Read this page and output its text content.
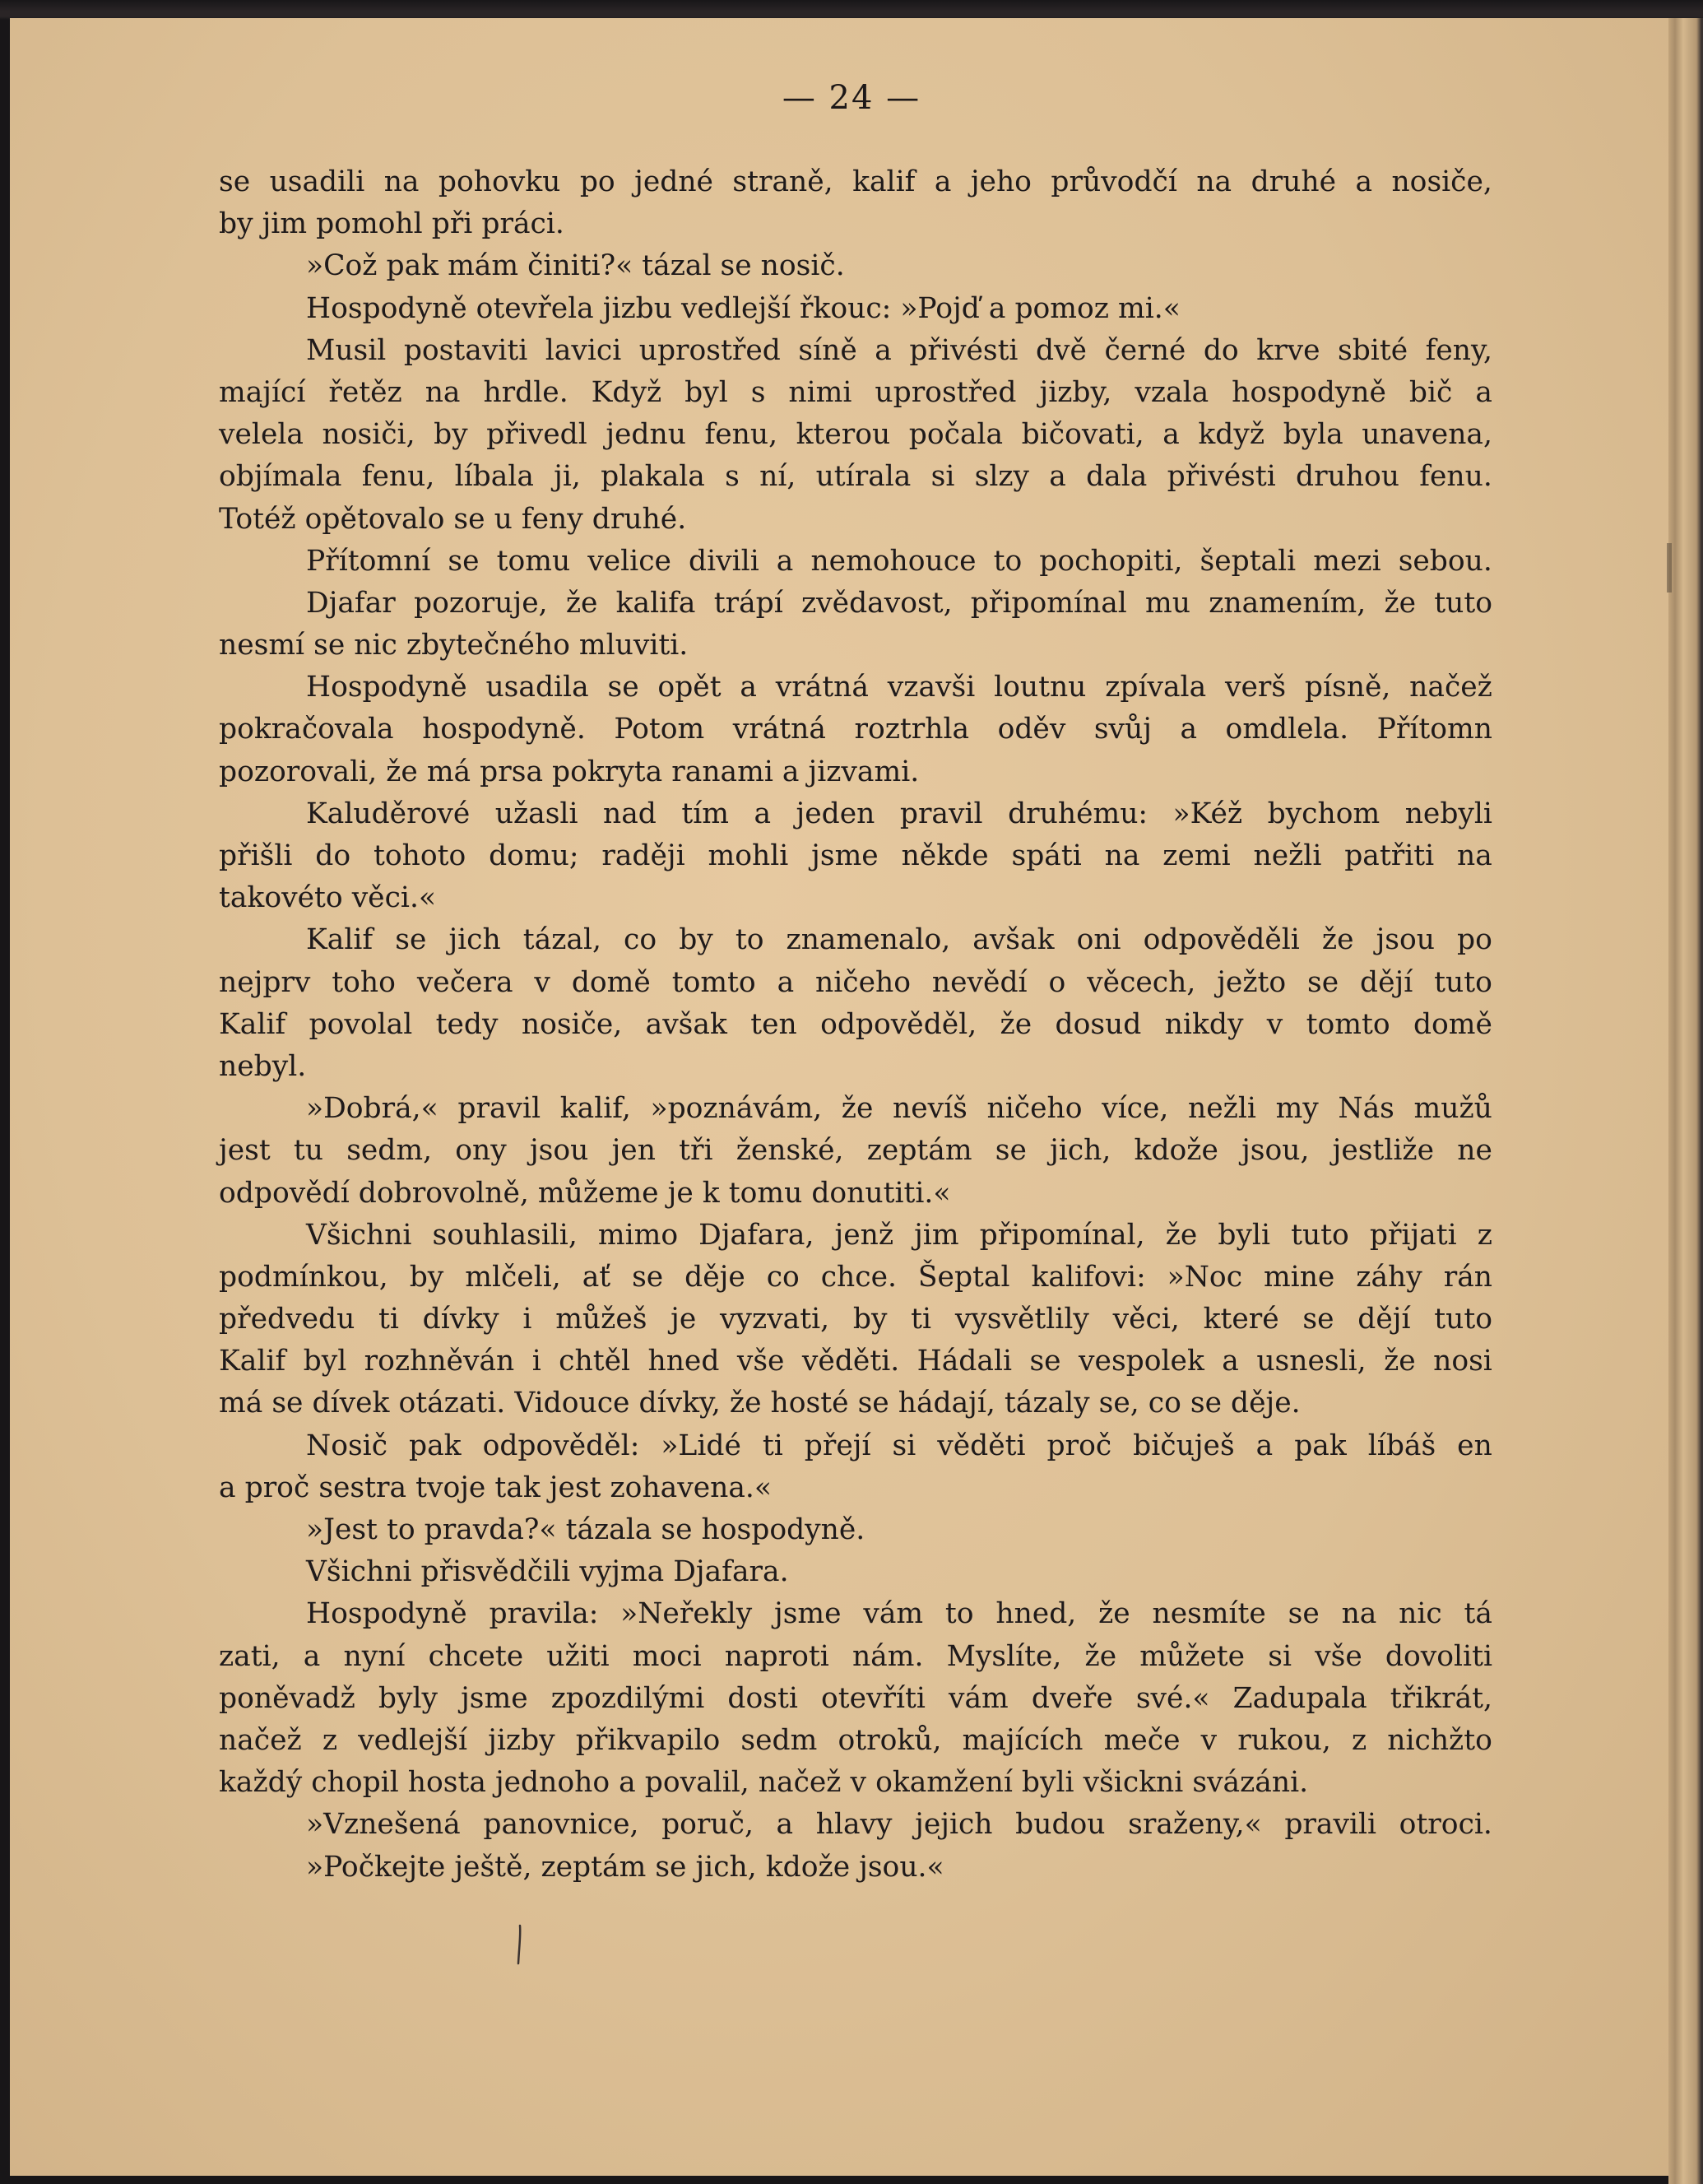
— 24 —
se usadili na pohovku po jedné straně, kalif a jeho průvodčí na druhé a nosiče,
by jim pomohl při práci.
»Což pak mám činiti?« tázal se nosič.
Hospodyně otevřela jizbu vedlejší řkouc: »Pojď a pomoz mi.«
Musil postaviti lavici uprostřed síně a přivésti dvě černé do krve sbité feny,
mající řetěz na hrdle. Když byl s nimi uprostřed jizby, vzala hospodyně bič a
velela nosiči, by přivedl jednu fenu, kterou počala bičovati, a když byla unavena,
objímala fenu, líbala ji, plakala s ní, utírala si slzy a dala přivésti druhou fenu.
Totéž opětovalo se u feny druhé.
Přítomní se tomu velice divili a nemohouce to pochopiti, šeptali mezi sebou.
Djafar pozoruje, že kalifa trápí zvědavost, připomínal mu znamením, že tuto
nesmí se nic zbytečného mluviti.
Hospodyně usadila se opět a vrátná vzavši loutnu zpívala verš písně, načež
pokračovala hospodyně. Potom vrátná roztrhla oděv svůj a omdlela. Přítomn
pozorovali, že má prsa pokryta ranami a jizvami.
Kaluděrové užasli nad tím a jeden pravil druhému: »Kéž bychom nebyli
přišli do tohoto domu; raději mohli jsme někde spáti na zemi nežli patřiti na
takovéto věci.«
Kalif se jich tázal, co by to znamenalo, avšak oni odpověděli že jsou po
nejprv toho večera v domě tomto a ničeho nevědí o věcech, ježto se dějí tuto
Kalif povolal tedy nosiče, avšak ten odpověděl, že dosud nikdy v tomto domě
nebyl.
»Dobrá,« pravil kalif, »poznávám, že nevíš ničeho více, nežli my Nás mužů
jest tu sedm, ony jsou jen tři ženské, zeptám se jich, kdože jsou, jestliže ne
odpovědí dobrovolně, můžeme je k tomu donutiti.«
Všichni souhlasili, mimo Djafara, jenž jim připomínal, že byli tuto přijati z
podmínkou, by mlčeli, ať se děje co chce. Šeptal kalifovi: »Noc mine záhy rán
předvedu ti dívky i můžeš je vyzvati, by ti vysvětlily věci, které se dějí tuto
Kalif byl rozhněván i chtěl hned vše věděti. Hádali se vespolek a usnesli, že nosi
má se dívek otázati. Vidouce dívky, že hosté se hádají, tázaly se, co se děje.
Nosič pak odpověděl: »Lidé ti přejí si věděti proč bičuješ a pak líbáš en
a proč sestra tvoje tak jest zohavena.«
»Jest to pravda?« tázala se hospodyně.
Všichni přisvědčili vyjma Djafara.
Hospodyně pravila: »Neřekly jsme vám to hned, že nesmíte se na nic tá
zati, a nyní chcete užiti moci naproti nám. Myslíte, že můžete si vše dovoliti
poněvadž byly jsme zpozdilými dosti otevříti vám dveře své.« Zadupala třikrát,
načež z vedlejší jizby přikvapilo sedm otroků, majících meče v rukou, z nichžto
každý chopil hosta jednoho a povalil, načež v okamžení byli všickni svázáni.
»Vznešená panovnice, poruč, a hlavy jejich budou sraženy,« pravili otroci.
»Počkejte ještě, zeptám se jich, kdože jsou.«
